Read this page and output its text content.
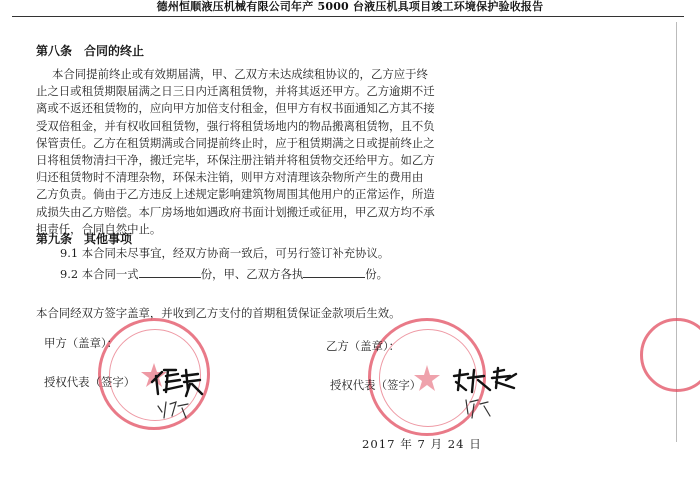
德州恒顺液压机械有限公司年产 5000 台液压机具项目竣工环境保护验收报告
第八条　合同的终止
本合同提前终止或有效期届满，甲、乙双方未达成续租协议的，乙方应于终
止之日或租赁期限届满之日三日内迁离租赁物，并将其返还甲方。乙方逾期不迁
离或不返还租赁物的，应向甲方加倍支付租金，但甲方有权书面通知乙方其不接
受双倍租金，并有权收回租赁物，强行将租赁场地内的物品搬离租赁物，且不负
保管责任。乙方在租赁期满或合同提前终止时，应于租赁期满之日或提前终止之
日将租赁物清扫干净，搬迁完毕，环保注册注销并将租赁物交还给甲方。如乙方
归还租赁物时不清理杂物，环保未注销，则甲方对清理该杂物所产生的费用由
乙方负责。倘由于乙方违反上述规定影响建筑物周围其他用户的正常运作，所造
成损失由乙方赔偿。本厂房场地如遇政府书面计划搬迁或征用，甲乙双方均不承
担责任，合同自然中止。
第九条　其他事项
9.1 本合同未尽事宜，经双方协商一致后，可另行签订补充协议。
9.2 本合同一式	份，甲、乙双方各执	份。
本合同经双方签字盖章，并收到乙方支付的首期租赁保证金款项后生效。
甲方（盖章）：	乙方（盖章）：
授权代表（签字）	授权代表（签字）
2017 年 7 月 24 日
